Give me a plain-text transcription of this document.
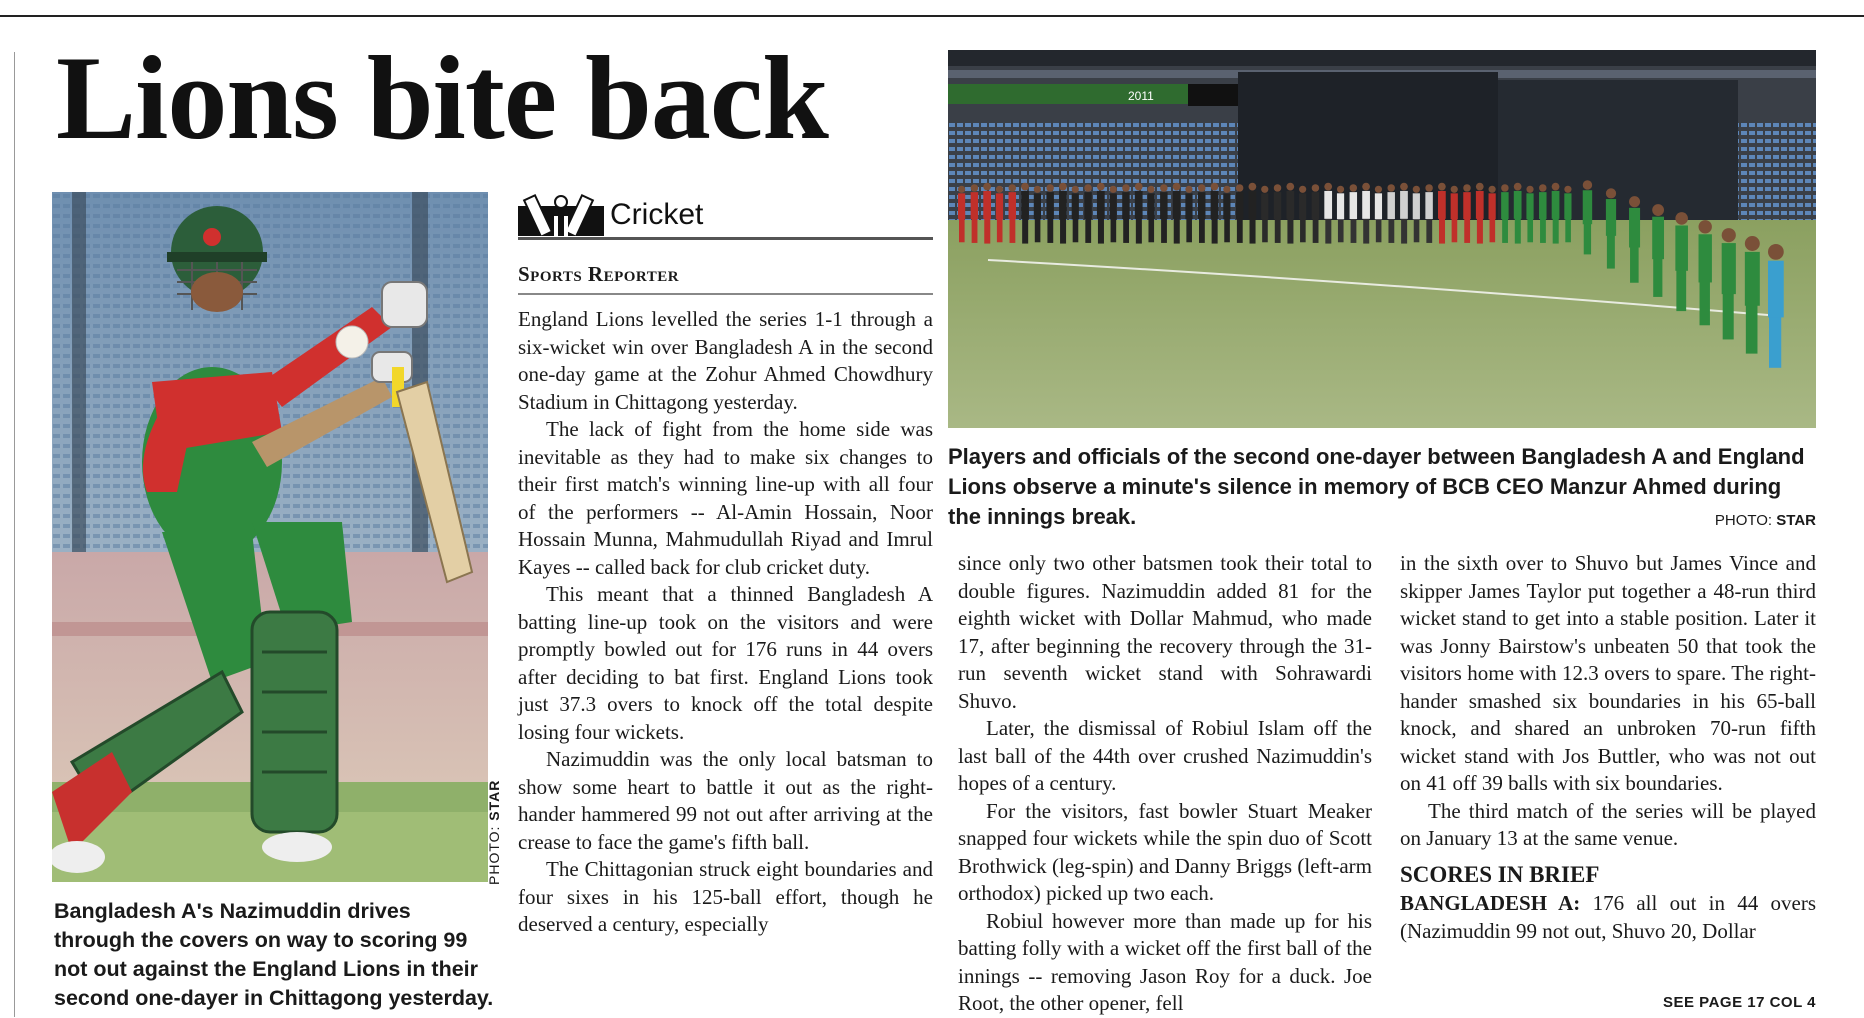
Lions bite back
PHOTO: STAR

Bangladesh A's Nazimuddin drives through the covers on way to scoring 99 not out against the England Lions in their second one-dayer in Chittagong yesterday.

Cricket
Sports Reporter

England Lions levelled the series 1-1 through a six-wicket win over Bangladesh A in the second one-day game at the Zohur Ahmed Chowdhury Stadium in Chittagong yesterday.

The lack of fight from the home side was inevitable as they had to make six changes to their first match's winning line-up with all four of the performers -- Al-Amin Hossain, Noor Hossain Munna, Mahmudullah Riyad and Imrul Kayes -- called back for club cricket duty.

This meant that a thinned Bangladesh A batting line-up took on the visitors and were promptly bowled out for 176 runs in 44 overs after deciding to bat first. England Lions took just 37.3 overs to knock off the total despite losing four wickets.

Nazimuddin was the only local batsman to show some heart to battle it out as the right-hander hammered 99 not out after arriving at the crease to face the game's fifth ball.

The Chittagonian struck eight boundaries and four sixes in his 125-ball effort, though he deserved a century, especially

2011

Players and officials of the second one-dayer between Bangladesh A and England Lions observe a minute's silence in memory of BCB CEO Manzur Ahmed during the innings break.	PHOTO: STAR

since only two other batsmen took their total to double figures. Nazimuddin added 81 for the eighth wicket with Dollar Mahmud, who made 17, after beginning the recovery through the 31-run seventh wicket stand with Sohrawardi Shuvo.

Later, the dismissal of Robiul Islam off the last ball of the 44th over crushed Nazimuddin's hopes of a century.

For the visitors, fast bowler Stuart Meaker snapped four wickets while the spin duo of Scott Brothwick (leg-spin) and Danny Briggs (left-arm orthodox) picked up two each.

Robiul however more than made up for his batting folly with a wicket off the first ball of the innings -- removing Jason Roy for a duck. Joe Root, the other opener, fell

in the sixth over to Shuvo but James Vince and skipper James Taylor put together a 48-run third wicket stand to get into a stable position. Later it was Jonny Bairstow's unbeaten 50 that took the visitors home with 12.3 overs to spare. The right-hander smashed six boundaries in his 65-ball knock, and shared an unbroken 70-run fifth wicket stand with Jos Buttler, who was not out on 41 off 39 balls with six boundaries.

The third match of the series will be played on January 13 at the same venue.

SCORES IN BRIEF

BANGLADESH A: 176 all out in 44 overs (Nazimuddin 99 not out, Shuvo 20, Dollar

SEE PAGE 17 COL 4
